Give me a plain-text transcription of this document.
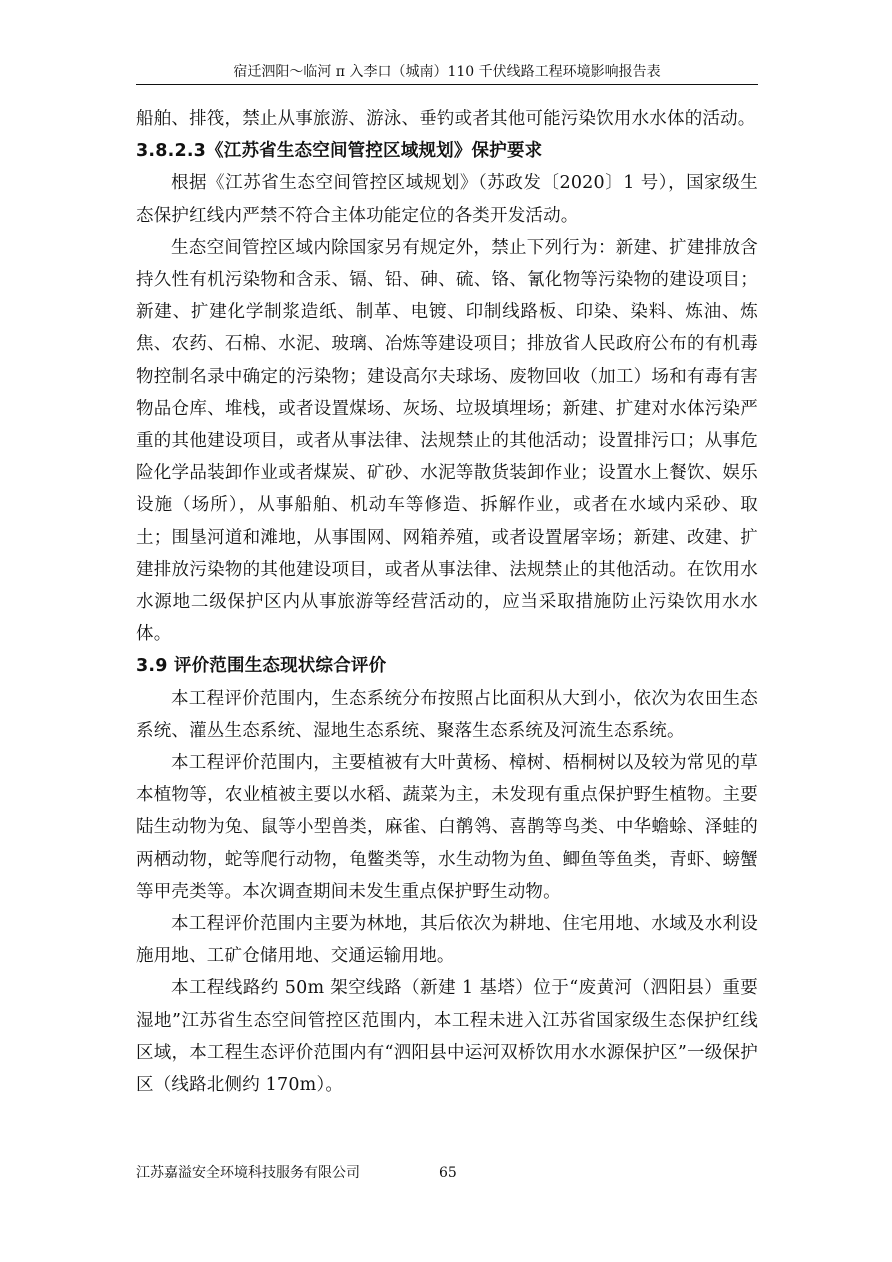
宿迁泗阳～临河 π 入李口（城南）110 千伏线路工程环境影响报告表

船舶、排筏，禁止从事旅游、游泳、垂钓或者其他可能污染饮用水水体的活动。

3.8.2.3《江苏省生态空间管控区域规划》保护要求

根据《江苏省生态空间管控区域规划》（苏政发〔2020〕1 号），国家级生态保护红线内严禁不符合主体功能定位的各类开发活动。

生态空间管控区域内除国家另有规定外，禁止下列行为：新建、扩建排放含持久性有机污染物和含汞、镉、铅、砷、硫、铬、氰化物等污染物的建设项目；新建、扩建化学制浆造纸、制革、电镀、印制线路板、印染、染料、炼油、炼焦、农药、石棉、水泥、玻璃、冶炼等建设项目；排放省人民政府公布的有机毒物控制名录中确定的污染物；建设高尔夫球场、废物回收（加工）场和有毒有害物品仓库、堆栈，或者设置煤场、灰场、垃圾填埋场；新建、扩建对水体污染严重的其他建设项目，或者从事法律、法规禁止的其他活动；设置排污口；从事危险化学品装卸作业或者煤炭、矿砂、水泥等散货装卸作业；设置水上餐饮、娱乐设施（场所），从事船舶、机动车等修造、拆解作业，或者在水域内采砂、取土；围垦河道和滩地，从事围网、网箱养殖，或者设置屠宰场；新建、改建、扩建排放污染物的其他建设项目，或者从事法律、法规禁止的其他活动。在饮用水水源地二级保护区内从事旅游等经营活动的，应当采取措施防止污染饮用水水体。

3.9 评价范围生态现状综合评价

本工程评价范围内，生态系统分布按照占比面积从大到小，依次为农田生态系统、灌丛生态系统、湿地生态系统、聚落生态系统及河流生态系统。

本工程评价范围内，主要植被有大叶黄杨、樟树、梧桐树以及较为常见的草本植物等，农业植被主要以水稻、蔬菜为主，未发现有重点保护野生植物。主要陆生动物为兔、鼠等小型兽类，麻雀、白鹡鸰、喜鹊等鸟类、中华蟾蜍、泽蛙的两栖动物，蛇等爬行动物，龟鳖类等，水生动物为鱼、鲫鱼等鱼类，青虾、螃蟹等甲壳类等。本次调查期间未发生重点保护野生动物。

本工程评价范围内主要为林地，其后依次为耕地、住宅用地、水域及水利设施用地、工矿仓储用地、交通运输用地。

本工程线路约 50m 架空线路（新建 1 基塔）位于“废黄河（泗阳县）重要湿地”江苏省生态空间管控区范围内，本工程未进入江苏省国家级生态保护红线区域，本工程生态评价范围内有“泗阳县中运河双桥饮用水水源保护区”一级保护区（线路北侧约 170m）。

江苏嘉溢安全环境科技服务有限公司	65
